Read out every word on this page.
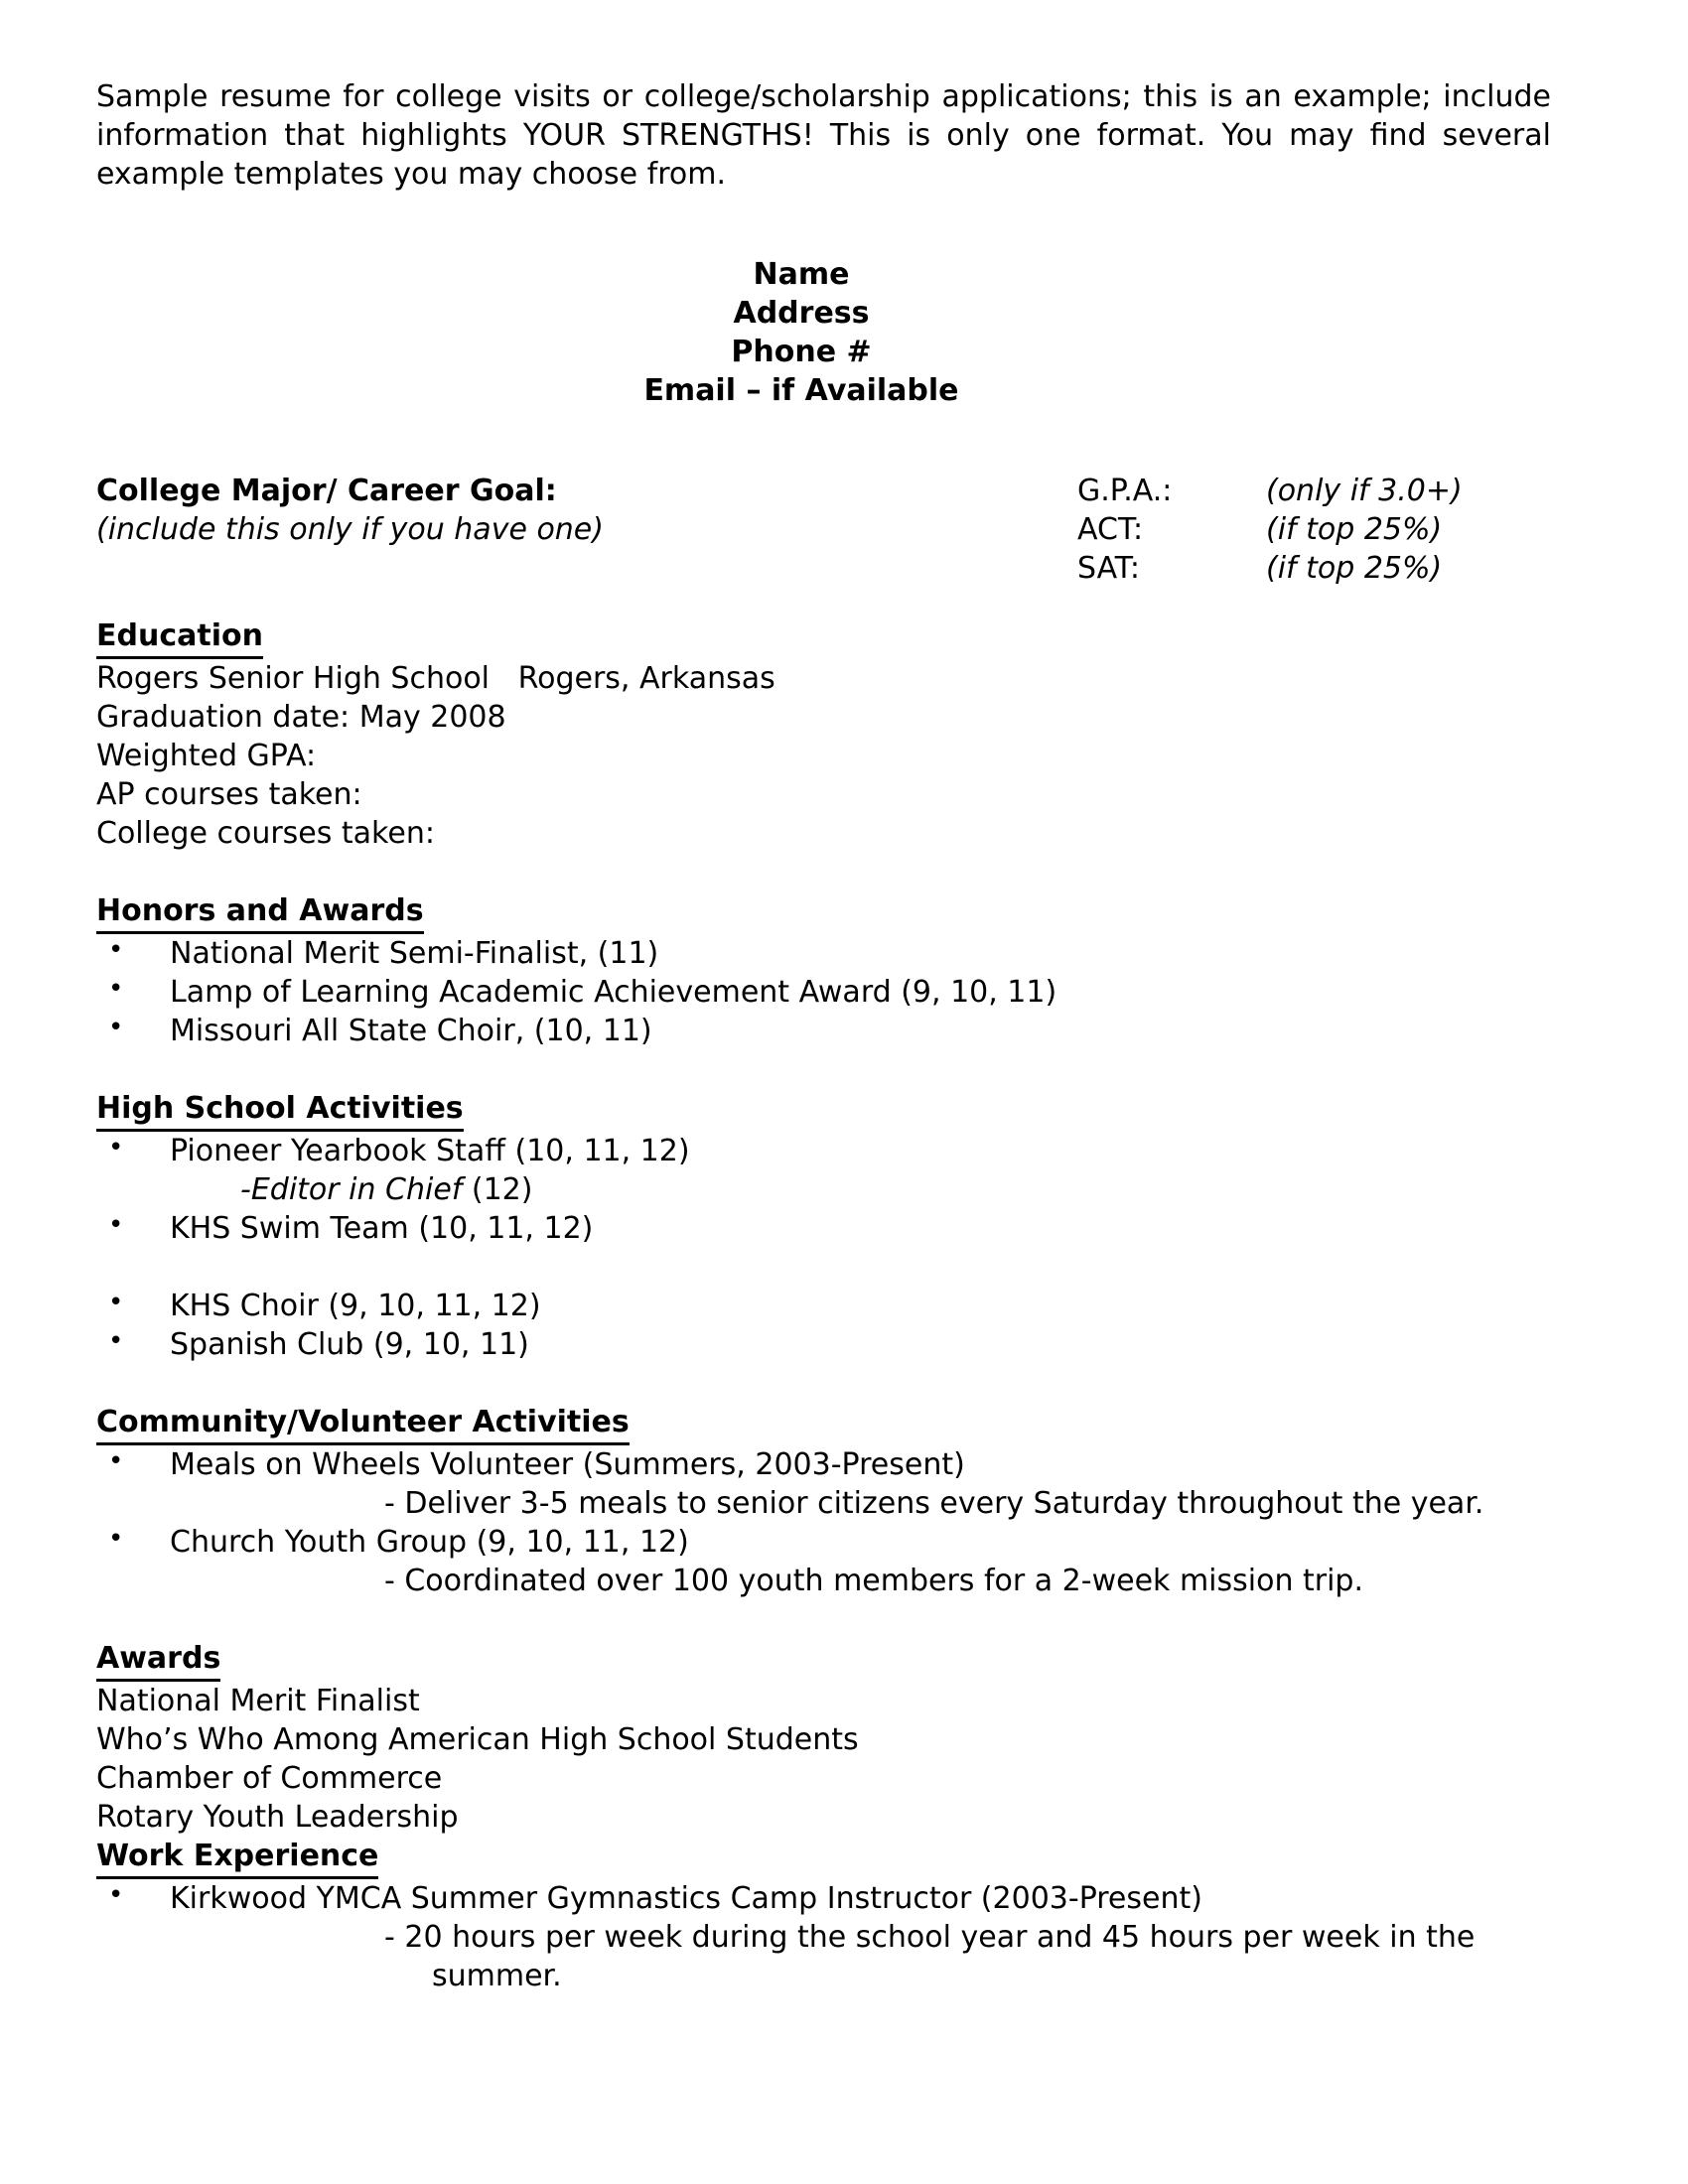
Sample resume for college visits or college/scholarship applications; this is an example; include information that highlights YOUR STRENGTHS! This is only one format. You may find several example templates you may choose from.

Name
Address
Phone #
Email – if Available
College Major/ Career Goal:
(include this only if you have one)
G.P.A.:	(only if 3.0+)
ACT:	(if top 25%)
SAT:	(if top 25%)
Education
Rogers Senior High School   Rogers, Arkansas
Graduation date: May 2008
Weighted GPA:
AP courses taken:
College courses taken:
Honors and Awards
• National Merit Semi-Finalist, (11)
• Lamp of Learning Academic Achievement Award (9, 10, 11)
• Missouri All State Choir, (10, 11)
High School Activities
• Pioneer Yearbook Staff (10, 11, 12)
-Editor in Chief (12)
• KHS Swim Team (10, 11, 12)
• KHS Choir (9, 10, 11, 12)
• Spanish Club (9, 10, 11)
Community/Volunteer Activities
• Meals on Wheels Volunteer (Summers, 2003-Present)
- Deliver 3-5 meals to senior citizens every Saturday throughout the year.
• Church Youth Group (9, 10, 11, 12)
- Coordinated over 100 youth members for a 2-week mission trip.
Awards
National Merit Finalist
Who’s Who Among American High School Students
Chamber of Commerce
Rotary Youth Leadership
Work Experience
• Kirkwood YMCA Summer Gymnastics Camp Instructor (2003-Present)
- 20 hours per week during the school year and 45 hours per week in the summer.
